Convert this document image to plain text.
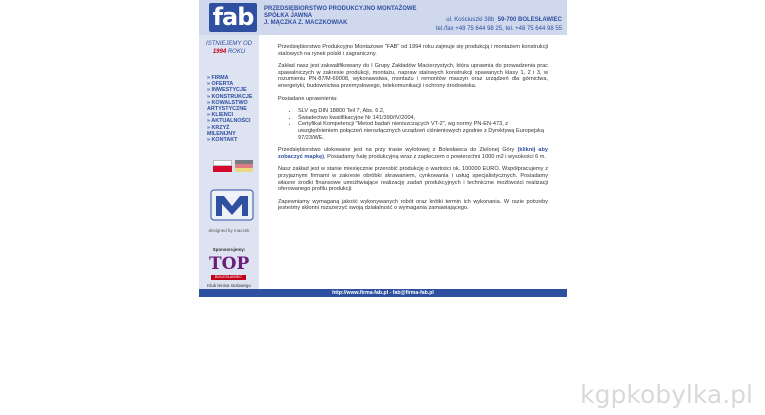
fab	PRZEDSIĘBIORSTWO PRODUKCYJNO MONTAŻOWE
SPÓŁKA JAWNA
J. MĄCZKA Z. MACZKOWIAK	ul. Kościuszki 38b 59-700 BOLESŁAWIEC
tel./fax +48 75 644 98 25, tel. +48 75 644 98 55
ISTNIEJEMY OD
1994 ROKU
» FIRMA
» OFERTA
» INWESTYCJE
» KONSTRUKCJE
» KOWALSTWO ARTYSTYCZNE
» KLIENCI
» AKTUALNOŚCI
» KRZYŻ MILENIJNY
» KONTAKT
designed by maczek
Sponsorujemy:
TOP
BOLESŁAWIEC
Klub tenisa stołowego

Przedsiębiorstwo Produkcyjno Montażowe "FAB" od 1994 roku zajmuje się produkcją i montażem konstrukcji stalowych na rynek polski i zagraniczny.

Zakład nasz jest zakwalifikowany do I Grupy Zakładów Macierzystych, która uprawnia do prowadzenia prac spawalniczych w zakresie produkcji, montażu, napraw stalowych konstrukcji spawanych klasy 1, 2 i 3, w rozumieniu PN-87/M-69008, wykonawstwa, montażu i remontów maszyn oraz urządzeń dla górnictwa, energetyki, budownictwa przemysłowego, telekomunikacji i ochrony środowiska.

Posiadane uprawnienia:

• SLV wg DIN 18800 Teil 7, Abs. 6.2,
• Świadectwo kwalifikacyjne Nr 141/390/IV/2004,
• Certyfikat Kompetencji "Metod badań nieniszczących VT-2", wg normy PN-EN-473, z uwzględnieniem połączeń nierozłącznych urządzeń ciśnieniowych zgodnie z Dyrektywą Europejską 97/23/WE.

Przedsiębiorstwo ulokowane jest na przy trasie wylotowej z Bolesławca do Zielonej Góry (kliknij aby zobaczyć mapkę). Posiadamy halę produkcyjną wraz z zapleczem o powierzchni 1000 m2 i wysokości 6 m.

Nasz zakład jest w stanie miesięcznie przerobić produkcję o wartości ok. 100000 EURO. Współpracujemy z przyjaznymi firmami w zakresie obróbki skrawaniem, cynkowania i usług specjalistycznych. Posiadamy własne środki finansowe umożliwiające realizację zadań produkcyjnych i techniczne możliwości realizacji oferowanego profilu produkcji.

Zapewniamy wymaganą jakość wykonywanych robót oraz krótki termin ich wykonania. W razie potrzeby jesteśmy skłonni rozszerzyć swoją działalność o wymagania zamawiającego.

http://www.firma-fab.pl - fab@firma-fab.pl
kgpkobylka.pl
